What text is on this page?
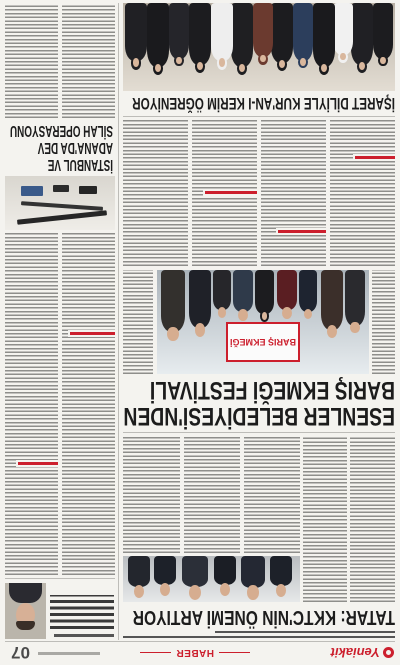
Yeniakit
HABER
07
TATAR: KKTC'NİN ÖNEMİ ARTIYOR
ESENLER BELEDİYESİ'NDEN
BARIŞ EKMEĞİ FESTİVALİ
BARIŞ EKMEĞİ
İŞARET DİLİYLE KUR'AN-I KERİM ÖĞRENİYOR
İSTANBUL VE
ADANA'DA DEV
SİLAH OPERASYONU
